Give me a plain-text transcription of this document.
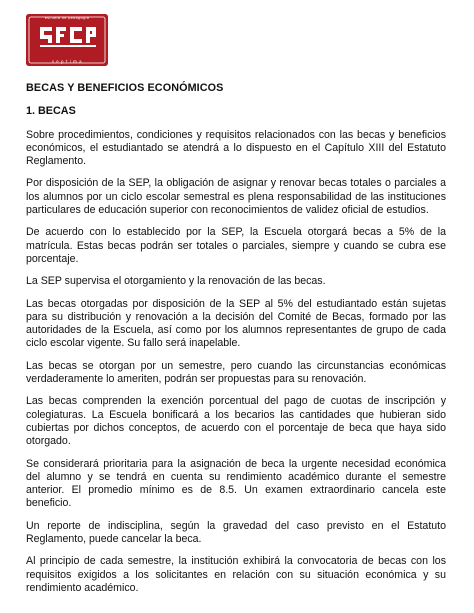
escuela de pedagogia
s e p t i m a
BECAS Y BENEFICIOS ECONÓMICOS
1. BECAS

Sobre procedimientos, condiciones y requisitos relacionados con las becas y beneficios económicos, el estudiantado se atendrá a lo dispuesto en el Capítulo XIII del Estatuto Reglamento.

Por disposición de la SEP, la obligación de asignar y renovar becas totales o parciales a los alumnos por un ciclo escolar semestral es plena responsabilidad de las instituciones particulares de educación superior con reconocimientos de validez oficial de estudios.

De acuerdo con lo establecido por la SEP, la Escuela otorgará becas a 5% de la matrícula. Estas becas podrán ser totales o parciales, siempre y cuando se cubra ese porcentaje.

La SEP supervisa el otorgamiento y la renovación de las becas.

Las becas otorgadas por disposición de la SEP al 5% del estudiantado están sujetas para su distribución y renovación a la decisión del Comité de Becas, formado por las autoridades de la Escuela, así como por los alumnos representantes de grupo de cada ciclo escolar vigente. Su fallo será inapelable.

Las becas se otorgan por un semestre, pero cuando las circunstancias económicas verdaderamente lo ameriten, podrán ser propuestas para su renovación.

Las becas comprenden la exención porcentual del pago de cuotas de inscripción y colegiaturas. La Escuela bonificará a los becarios las cantidades que hubieran sido cubiertas por dichos conceptos, de acuerdo con el porcentaje de beca que haya sido otorgado.

Se considerará prioritaria para la asignación de beca la urgente necesidad económica del alumno y se tendrá en cuenta su rendimiento académico durante el semestre anterior. El promedio mínimo es de 8.5. Un examen extraordinario cancela este beneficio.

Un reporte de indisciplina, según la gravedad del caso previsto en el Estatuto Reglamento, puede cancelar la beca.

Al principio de cada semestre, la institución exhibirá la convocatoria de becas con los requisitos exigidos a los solicitantes en relación con su situación económica y su rendimiento académico.
